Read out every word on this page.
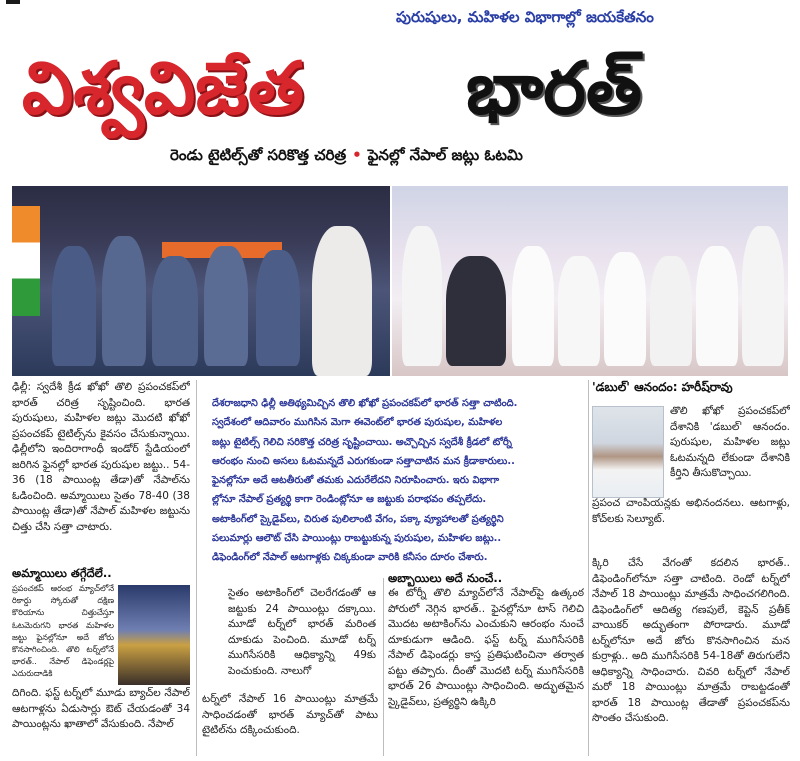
పురుషులు, మహిళల విభాగాల్లో జయకేతనం
విశ్వవిజేత	భారత్
రెండు టైటిల్స్‌తో సరికొత్త చరిత్ర • ఫైనల్లో నేపాల్ జట్లు ఓటమి

ఢిల్లీ: స్వదేశీ క్రీడ ఖోఖో తొలి ప్రపంచకప్‌లో భారత్ చరిత్ర సృష్టించింది. భారత పురుషులు, మహిళల జట్లు మొదటి ఖోఖో ప్రపంచకప్ టైటిల్స్‌ను కైవసం చేసుకున్నాయి. ఢిల్లీలోని ఇందిరాగాంధీ ఇండోర్ స్టేడియంలో జరిగిన ఫైనల్లో భారత పురుషుల జట్టు.. 54-36 (18 పాయింట్ల తేడా)తో నేపాల్‌ను ఓడించింది. అమ్మాయిలు సైతం 78-40 (38 పాయింట్ల తేడా)తో నేపాల్ మహిళల జట్టును చిత్తు చేసి సత్తా చాటారు.

అమ్మాయిలు తగ్గేదేలే..

ప్రపంచకప్ ఆరంభ మ్యాచ్‌లోనే రికార్డు స్కోరుతో దక్షిణ కొరియాను చిత్తుచేస్తూ ఓటమెరుగని భారత మహిళల జట్టు ఫైనల్లోనూ అదే జోరు కొనసాగించింది. తొలి టర్న్‌లోనే భారత్.. నేపాల్ డిఫెండర్లపై ఎదురుదాడికి

దిగింది. ఫస్ట్ టర్న్‌లో మూడు బ్యాచ్‌ల నేపాల్ ఆటగాళ్లను ఏడుసార్లు ఔట్ చేయడంతో 34 పాయింట్లను ఖాతాలో వేసుకుంది. నేపాల్

దేశరాజధాని ఢిల్లీ ఆతిథ్యమిచ్చిన తొలి ఖోఖో ప్రపంచకప్‌లో భారత్ సత్తా చాటింది.

స్వదేశంలో ఆదివారం ముగిసిన మెగా ఈవెంట్‌లో భారత పురుషుల, మహిళల

జట్లు టైటిల్స్ గెలిచి సరికొత్త చరిత్ర సృష్టించాయి. అచ్చొచ్చిన స్వదేశీ క్రీడలో టోర్నీ

ఆరంభం నుంచి అసలు ఓటమన్నదే ఎరుగకుండా సత్తాచాటిన మన క్రీడాకారులు..

ఫైనల్లోనూ అదే ఆటతీరుతో తమకు ఎదురేలేదని నిరూపించారు. ఇరు విభాగా

ల్లోనూ నేపాల్ ప్రత్యర్థి కాగా రెండింట్లోనూ ఆ జట్టుకు పరాభవం తప్పలేదు.

అటాకింగ్‌లో స్కైడైవ్‌లు, చిరుత పులిలాంటి వేగం, పక్కా వ్యూహాలతో ప్రత్యర్థిని

పలుమార్లు ఆలౌట్ చేసి పాయింట్లు రాబట్టుకున్న పురుషుల, మహిళల జట్లు..

డిఫెండింగ్‌లో నేపాల్ ఆటగాళ్లకు చిక్కకుండా వారికి కనీసం దూరం చేశారు.

సైతం అటాకింగ్‌లో చెలరేగడంతో ఆ జట్టుకు 24 పాయింట్లు దక్కాయి. మూడో టర్న్‌లో భారత్ మరింత దూకుడు పెంచింది. మూడో టర్న్ ముగిసేసరికి ఆధిక్యాన్ని 49కు పెంచుకుంది. నాలుగో

టర్న్‌లో నేపాల్ 16 పాయింట్లు మాత్రమే సాధించడంతో భారత్ మ్యాచ్‌తో పాటు టైటిల్‌ను దక్కించుకుంది.

అబ్బాయిలు అదే నుంచే..

ఈ టోర్నీ తొలి మ్యాచ్‌లోనే నేపాల్‌పై ఉత్కంఠ పోరులో నెగ్గిన భారత్.. ఫైనల్లోనూ టాస్ గెలిచి మొదట అటాకింగ్‌ను ఎంచుకుని ఆరంభం నుంచే దూకుడుగా ఆడింది. ఫస్ట్ టర్న్ ముగిసేసరికి నేపాల్ డిఫెండర్లు కాస్త ప్రతిఘటించినా తర్వాత పట్టు తప్పారు. దీంతో మొదటి టర్న్ ముగిసేసరికి భారత్ 26 పాయింట్లు సాధించింది. అద్భుతమైన స్కైడైవ్‌లు, ప్రత్యర్థిని ఉక్కిరి

'డబుల్' ఆనందం: హరీష్‌రావు

తొలి ఖోఖో ప్రపంచకప్‌లో దేశానికి 'డబుల్' ఆనందం. పురుషుల, మహిళల జట్లు ఓటమన్నది లేకుండా దేశానికి కీర్తిని తీసుకొచ్చాయి.

ప్రపంచ చాంపియన్లకు అభినందనలు. ఆటగాళ్లు, కోచ్‌లకు సెల్యూట్.

క్కిరి చేసే వేగంతో కదలిన భారత్.. డిఫెండింగ్‌లోనూ సత్తా చాటింది. రెండో టర్న్‌లో నేపాల్ 18 పాయింట్లు మాత్రమే సాధించగలిగింది. డిఫెండింగ్‌లో ఆదిత్య గణపులే, కెప్టెన్ ప్రతీక్ వాయికర్ అద్భుతంగా పోరాడారు. మూడో టర్న్‌లోనూ అదే జోరు కొనసాగించిన మన కుర్రాళ్లు.. అది ముగిసేసరికి 54-18తో తిరుగులేని ఆధిక్యాన్ని సాధించారు. చివరి టర్న్‌లో నేపాల్ మరో 18 పాయింట్లు మాత్రమే రాబట్టడంతో భారత్ 18 పాయింట్ల తేడాతో ప్రపంచకప్‌ను సొంతం చేసుకుంది.
